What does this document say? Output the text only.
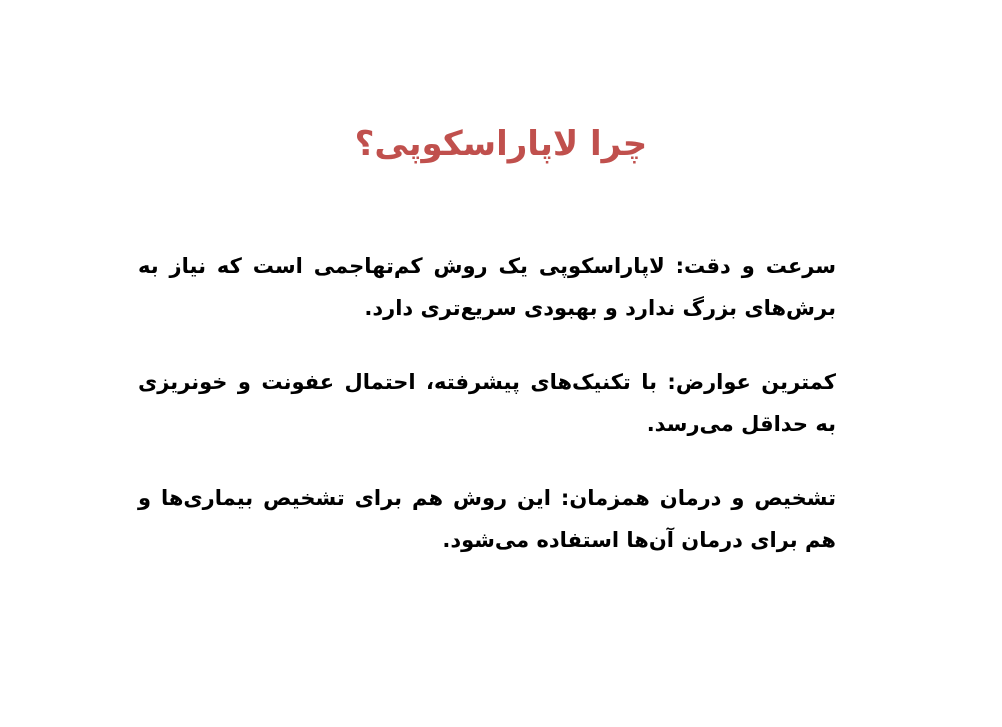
چرا لاپاراسکوپی؟

سرعت و دقت: لاپاراسکوپی یک روش کم‌تهاجمی است که نیاز به برش‌های بزرگ ندارد و بهبودی سریع‌تری دارد.

کمترین عوارض: با تکنیک‌های پیشرفته، احتمال عفونت و خونریزی به حداقل می‌رسد.

تشخیص و درمان همزمان: این روش هم برای تشخیص بیماری‌ها و هم برای درمان آن‌ها استفاده می‌شود.
